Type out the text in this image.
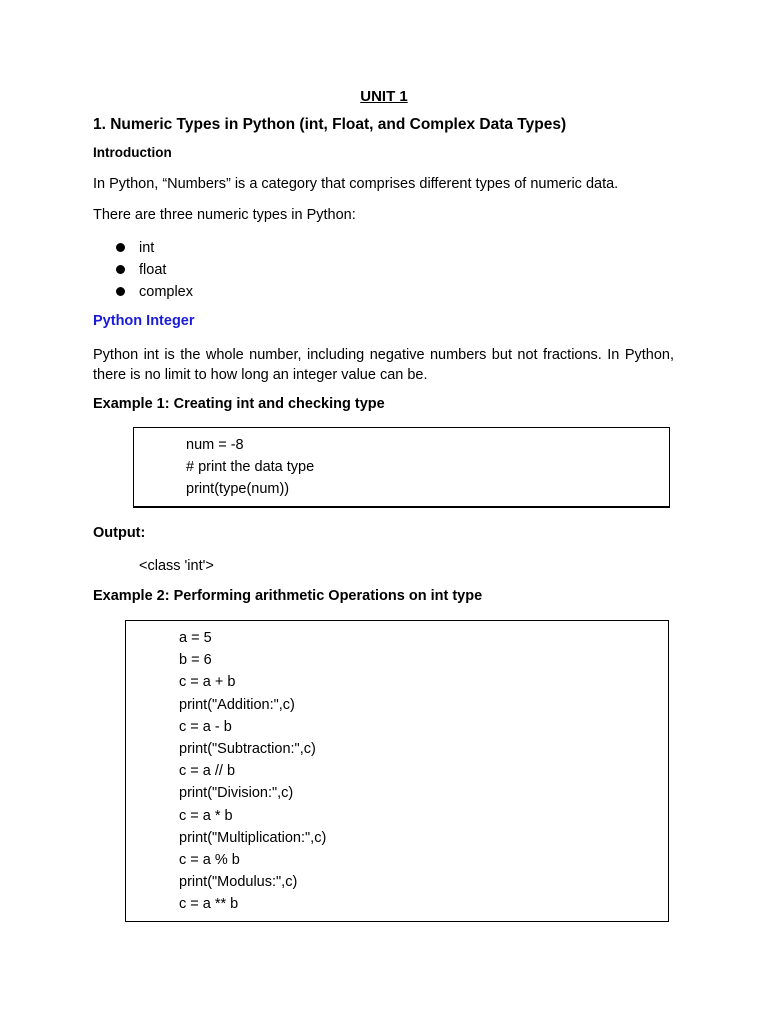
UNIT 1

1. Numeric Types in Python (int, Float, and Complex Data Types)

Introduction

In Python, “Numbers” is a category that comprises different types of numeric data.

There are three numeric types in Python:

int
float
complex

Python Integer

Python int is the whole number, including negative numbers but not fractions. In Python, there is no limit to how long an integer value can be.

Example 1: Creating int and checking type

num = -8
# print the data type
print(type(num))

Output:

<class 'int'>

Example 2: Performing arithmetic Operations on int type

a = 5
b = 6
c = a + b
print("Addition:",c)
c = a - b
print("Subtraction:",c)
c = a // b
print("Division:",c)
c = a * b
print("Multiplication:",c)
c = a % b
print("Modulus:",c)
c = a ** b
